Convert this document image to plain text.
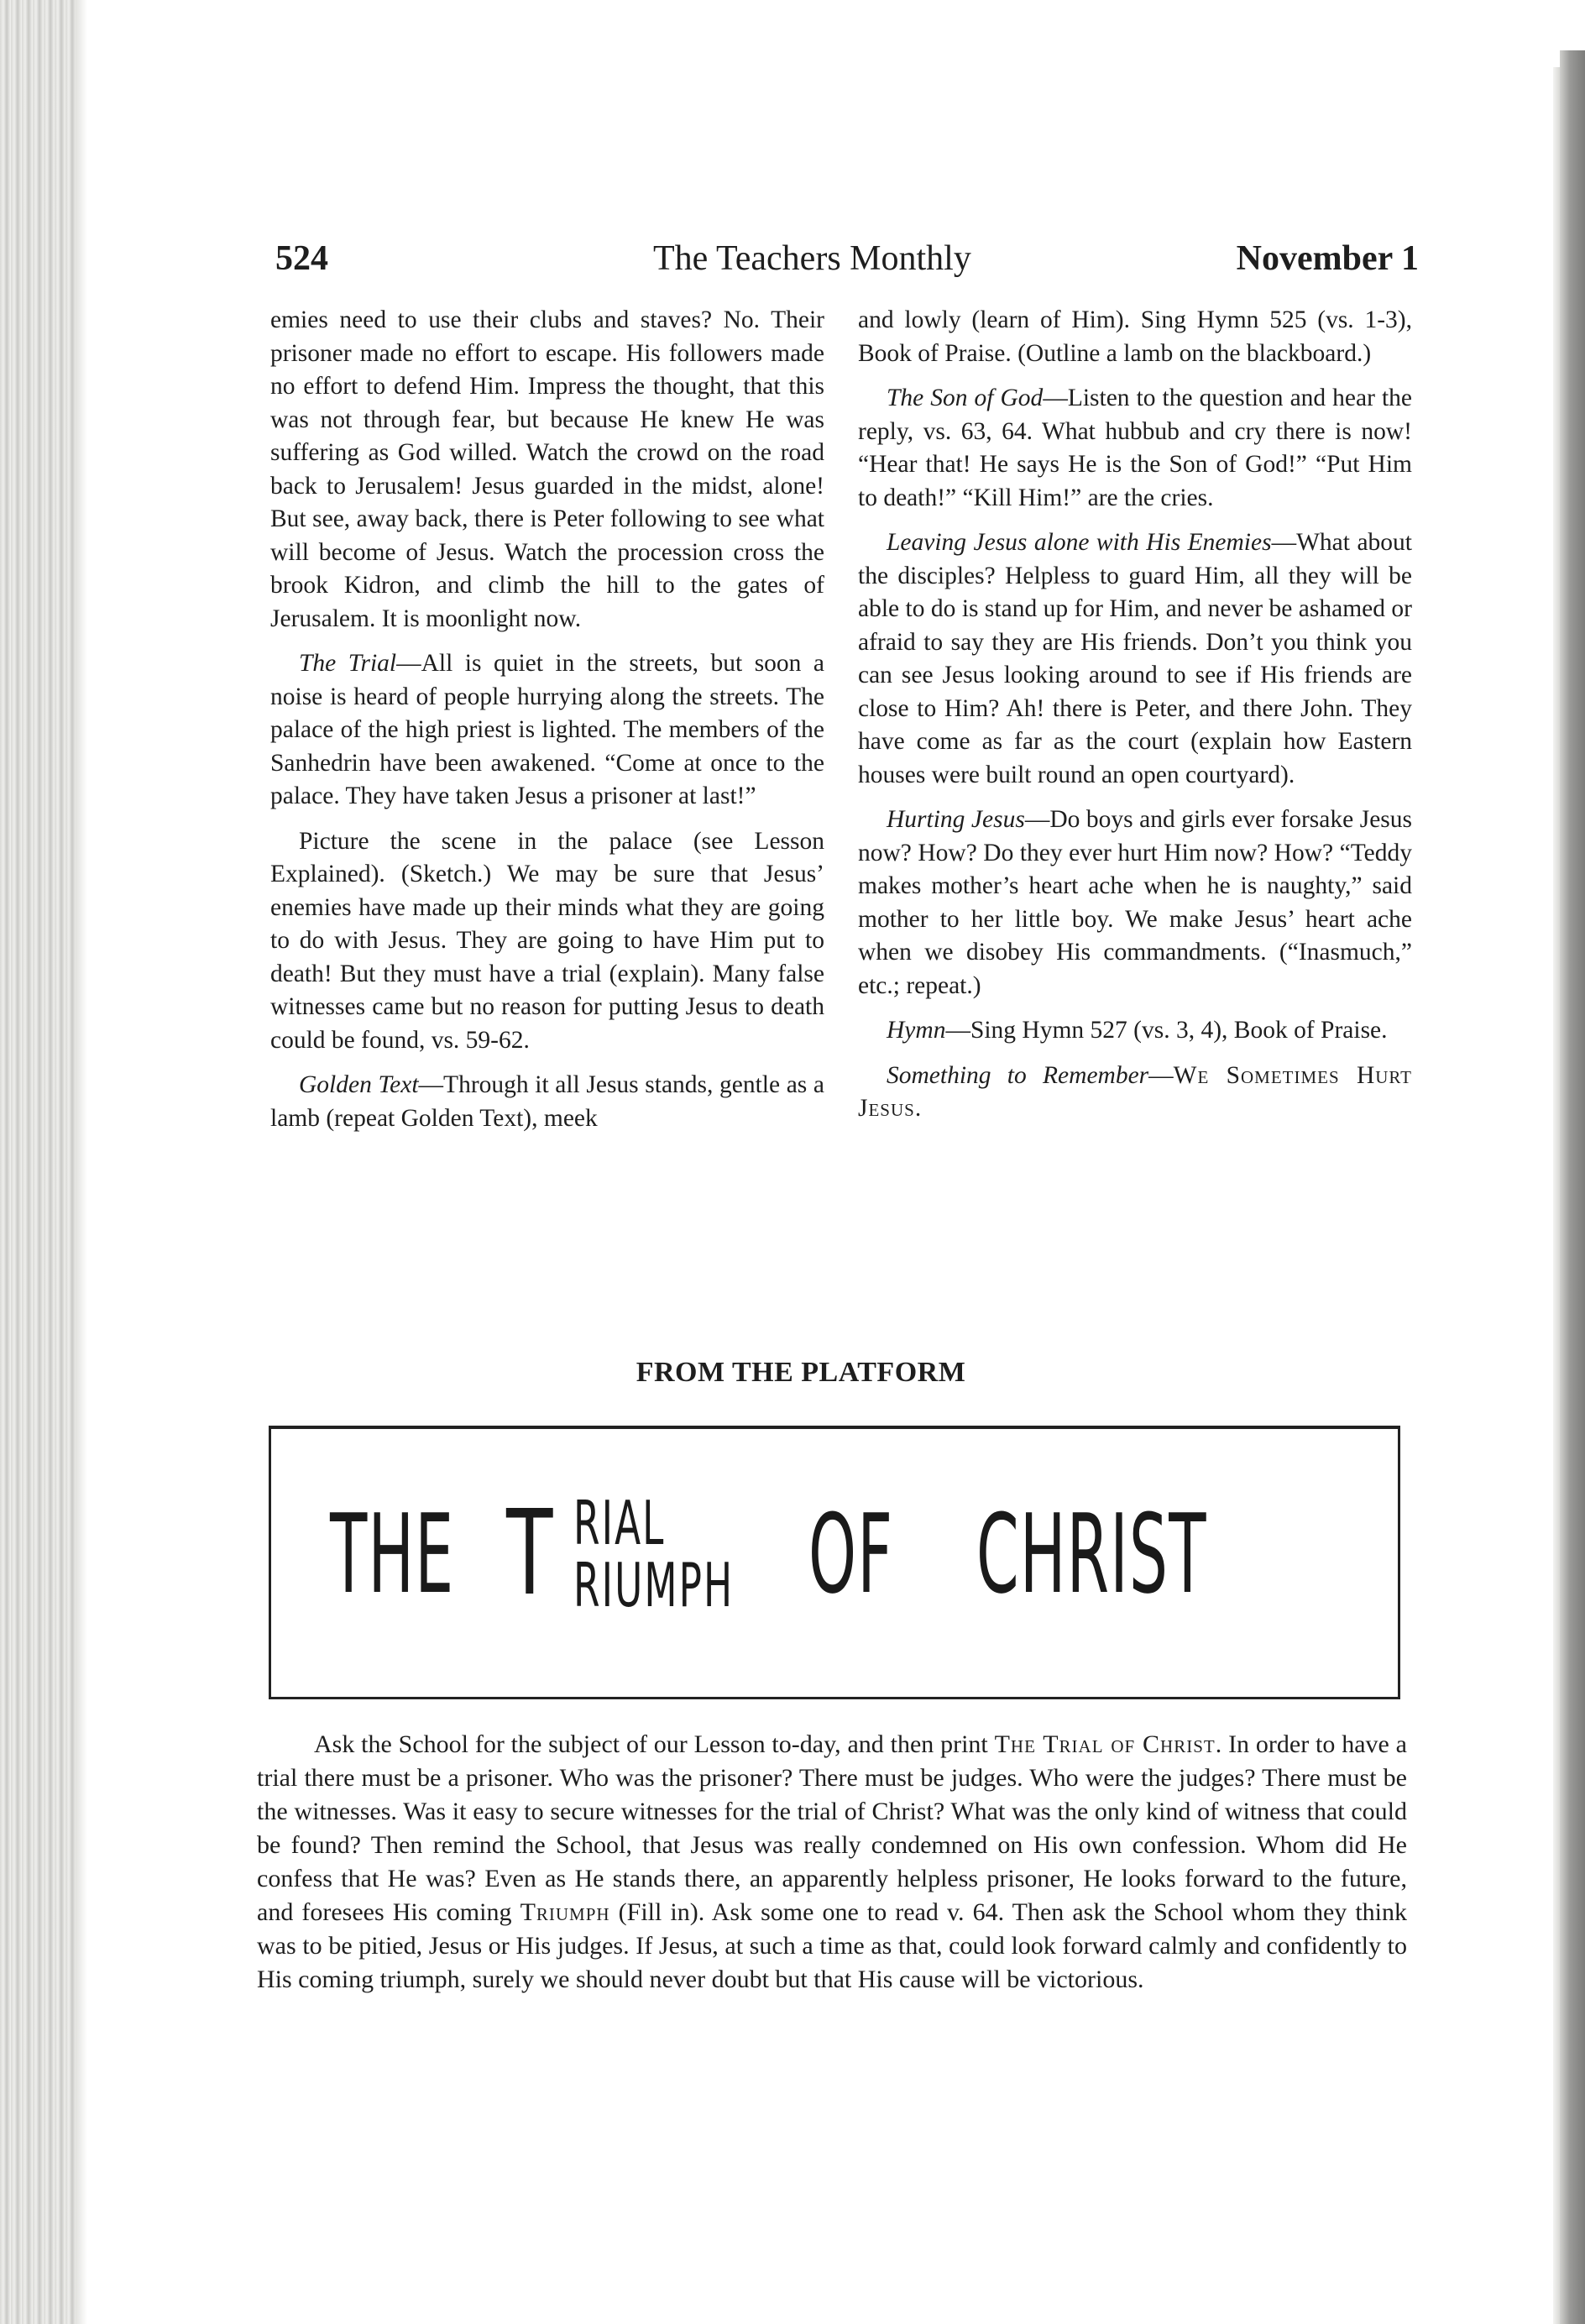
524	The Teachers Monthly	November 1

emies need to use their clubs and staves? No. Their prisoner made no effort to escape. His followers made no effort to defend Him. Impress the thought, that this was not through fear, but because He knew He was suffering as God willed. Watch the crowd on the road back to Jerusalem! Jesus guarded in the midst, alone! But see, away back, there is Peter following to see what will become of Jesus. Watch the procession cross the brook Kidron, and climb the hill to the gates of Jerusalem. It is moonlight now.

The Trial—All is quiet in the streets, but soon a noise is heard of people hurrying along the streets. The palace of the high priest is lighted. The members of the Sanhedrin have been awakened. “Come at once to the palace. They have taken Jesus a prisoner at last!”

Picture the scene in the palace (see Lesson Explained). (Sketch.) We may be sure that Jesus’ enemies have made up their minds what they are going to do with Jesus. They are going to have Him put to death! But they must have a trial (explain). Many false witnesses came but no reason for putting Jesus to death could be found, vs. 59-62.

Golden Text—Through it all Jesus stands, gentle as a lamb (repeat Golden Text), meek

and lowly (learn of Him). Sing Hymn 525 (vs. 1-3), Book of Praise. (Outline a lamb on the blackboard.)

The Son of God—Listen to the question and hear the reply, vs. 63, 64. What hubbub and cry there is now! “Hear that! He says He is the Son of God!” “Put Him to death!” “Kill Him!” are the cries.

Leaving Jesus alone with His Enemies—What about the disciples? Helpless to guard Him, all they will be able to do is stand up for Him, and never be ashamed or afraid to say they are His friends. Don’t you think you can see Jesus looking around to see if His friends are close to Him? Ah! there is Peter, and there John. They have come as far as the court (explain how Eastern houses were built round an open courtyard).

Hurting Jesus—Do boys and girls ever forsake Jesus now? How? Do they ever hurt Him now? How? “Teddy makes mother’s heart ache when he is naughty,” said mother to her little boy. We make Jesus’ heart ache when we disobey His commandments. (“Inasmuch,” etc.; repeat.)

Hymn—Sing Hymn 527 (vs. 3, 4), Book of Praise.

Something to Remember—We Sometimes Hurt Jesus.

FROM THE PLATFORM
THE T RIAL
RIUMPH OF CHRIST

Ask the School for the subject of our Lesson to-day, and then print The Trial of Christ. In order to have a trial there must be a prisoner. Who was the prisoner? There must be judges. Who were the judges? There must be the witnesses. Was it easy to secure witnesses for the trial of Christ? What was the only kind of witness that could be found? Then remind the School, that Jesus was really condemned on His own confession. Whom did He confess that He was? Even as He stands there, an apparently helpless prisoner, He looks forward to the future, and foresees His coming Triumph (Fill in). Ask some one to read v. 64. Then ask the School whom they think was to be pitied, Jesus or His judges. If Jesus, at such a time as that, could look forward calmly and confidently to His coming triumph, surely we should never doubt but that His cause will be victorious.
